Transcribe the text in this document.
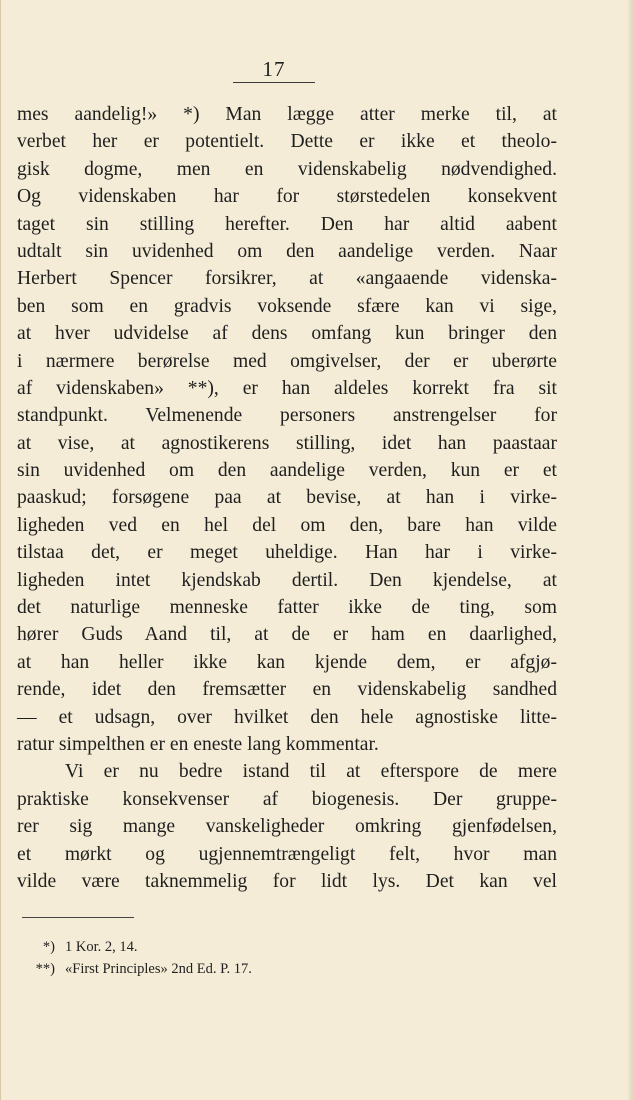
17
mes aandelig!» *) Man lægge atter merke til, at
verbet her er potentielt. Dette er ikke et theolo-
gisk dogme, men en videnskabelig nødvendighed.
Og videnskaben har for størstedelen konsekvent
taget sin stilling herefter. Den har altid aabent
udtalt sin uvidenhed om den aandelige verden. Naar
Herbert Spencer forsikrer, at «angaaende videnska-
ben som en gradvis voksende sfære kan vi sige,
at hver udvidelse af dens omfang kun bringer den
i nærmere berørelse med omgivelser, der er uberørte
af videnskaben» **), er han aldeles korrekt fra sit
standpunkt. Velmenende personers anstrengelser for
at vise, at agnostikerens stilling, idet han paastaar
sin uvidenhed om den aandelige verden, kun er et
paaskud; forsøgene paa at bevise, at han i virke-
ligheden ved en hel del om den, bare han vilde
tilstaa det, er meget uheldige. Han har i virke-
ligheden intet kjendskab dertil. Den kjendelse, at
det naturlige menneske fatter ikke de ting, som
hører Guds Aand til, at de er ham en daarlighed,
at han heller ikke kan kjende dem, er afgjø-
rende, idet den fremsætter en videnskabelig sandhed
— et udsagn, over hvilket den hele agnostiske litte-
ratur simpelthen er en eneste lang kommentar.
Vi er nu bedre istand til at efterspore de mere
praktiske konsekvenser af biogenesis. Der gruppe-
rer sig mange vanskeligheder omkring gjenfødelsen,
et mørkt og ugjennemtrængeligt felt, hvor man
vilde være taknemmelig for lidt lys. Det kan vel
*) 1 Kor. 2, 14.
**) «First Principles» 2nd Ed. P. 17.
